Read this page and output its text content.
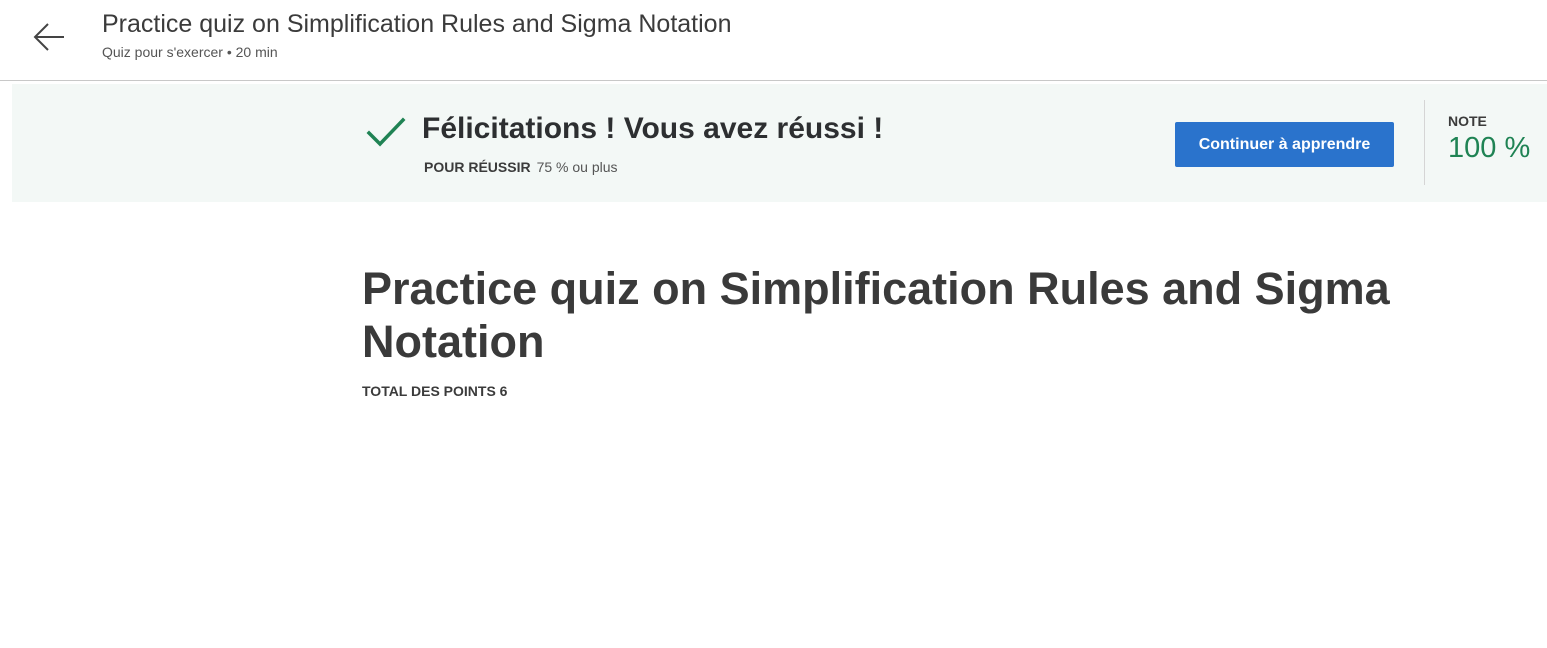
Practice quiz on Simplification Rules and Sigma Notation
Quiz pour s'exercer • 20 min
Félicitations ! Vous avez réussi !
POUR RÉUSSIR 75 % ou plus
Continuer à apprendre
NOTE
100 %
Practice quiz on Simplification Rules and Sigma Notation
TOTAL DES POINTS 6
